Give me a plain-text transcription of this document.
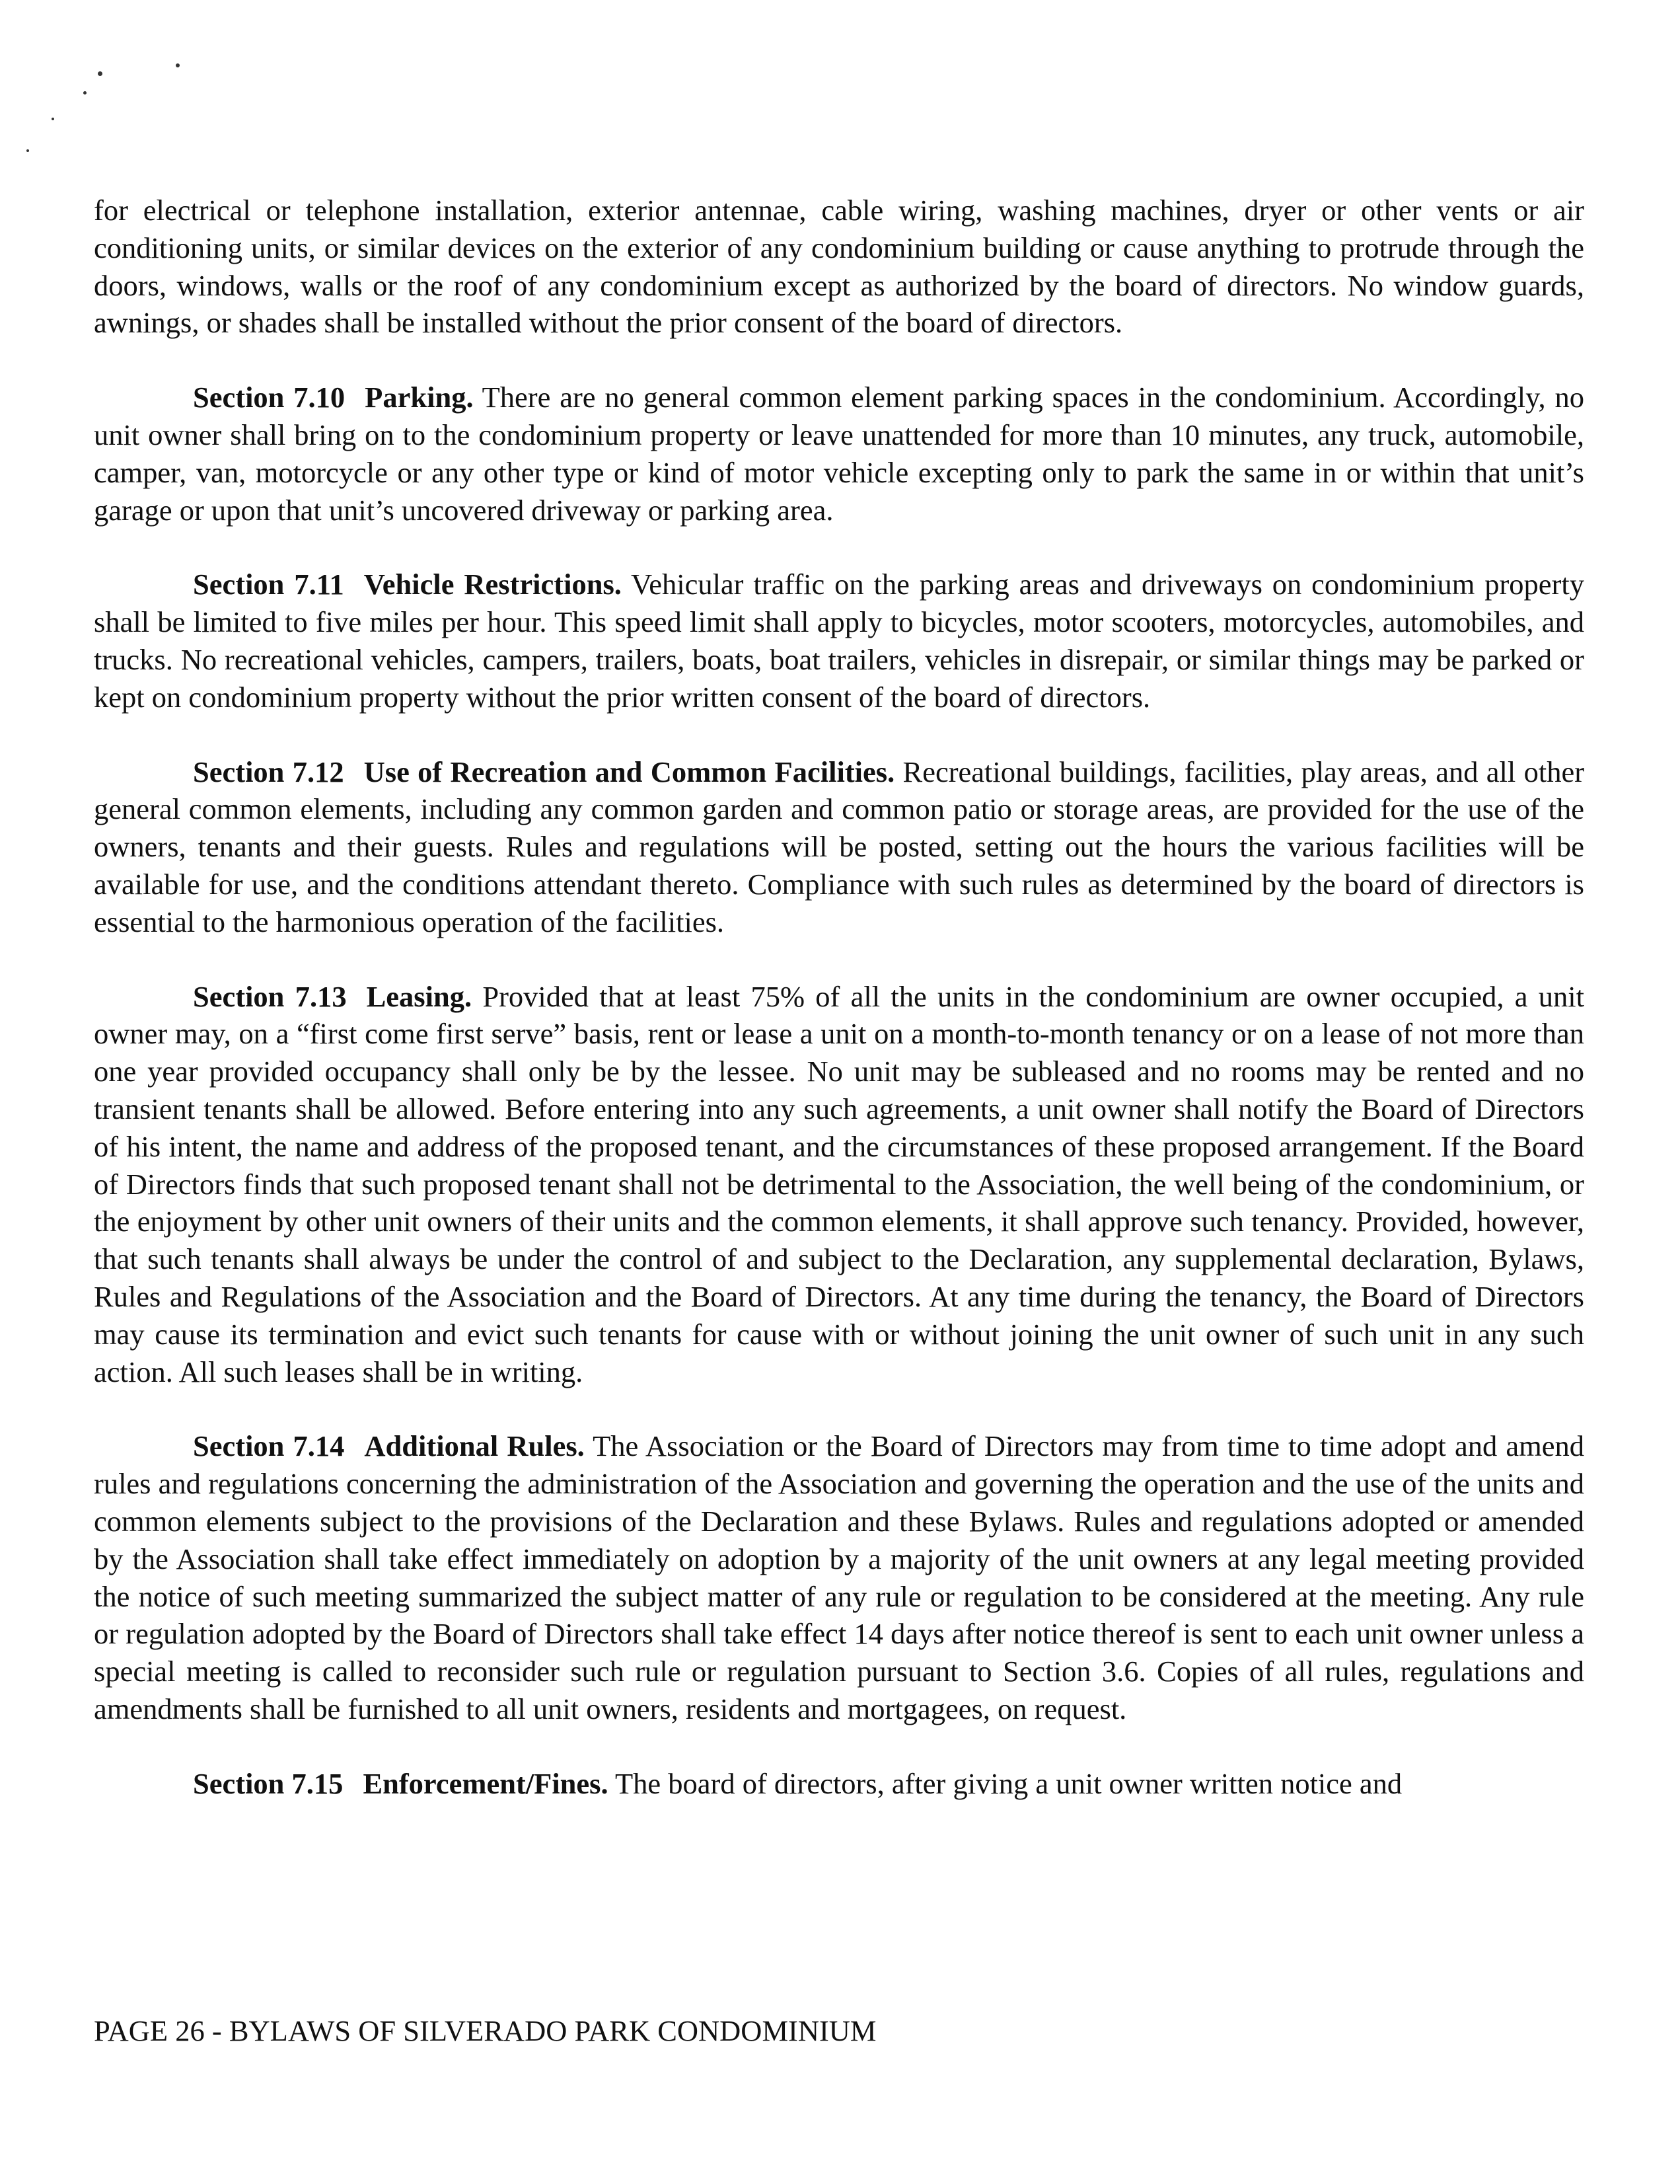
for electrical or telephone installation, exterior antennae, cable wiring, washing machines, dryer or other vents or air conditioning units, or similar devices on the exterior of any condominium building or cause anything to protrude through the doors, windows, walls or the roof of any condominium except as authorized by the board of directors. No window guards, awnings, or shades shall be installed without the prior consent of the board of directors.

Section 7.10 Parking. There are no general common element parking spaces in the condominium. Accordingly, no unit owner shall bring on to the condominium property or leave unattended for more than 10 minutes, any truck, automobile, camper, van, motorcycle or any other type or kind of motor vehicle excepting only to park the same in or within that unit’s garage or upon that unit’s uncovered driveway or parking area.

Section 7.11 Vehicle Restrictions. Vehicular traffic on the parking areas and driveways on condominium property shall be limited to five miles per hour. This speed limit shall apply to bicycles, motor scooters, motorcycles, automobiles, and trucks. No recreational vehicles, campers, trailers, boats, boat trailers, vehicles in disrepair, or similar things may be parked or kept on condominium property without the prior written consent of the board of directors.

Section 7.12 Use of Recreation and Common Facilities. Recreational buildings, facilities, play areas, and all other general common elements, including any common garden and common patio or storage areas, are provided for the use of the owners, tenants and their guests. Rules and regulations will be posted, setting out the hours the various facilities will be available for use, and the conditions attendant thereto. Compliance with such rules as determined by the board of directors is essential to the harmonious operation of the facilities.

Section 7.13 Leasing. Provided that at least 75% of all the units in the condominium are owner occupied, a unit owner may, on a “first come first serve” basis, rent or lease a unit on a month-to-month tenancy or on a lease of not more than one year provided occupancy shall only be by the lessee. No unit may be subleased and no rooms may be rented and no transient tenants shall be allowed. Before entering into any such agreements, a unit owner shall notify the Board of Directors of his intent, the name and address of the proposed tenant, and the circumstances of these proposed arrangement. If the Board of Directors finds that such proposed tenant shall not be detrimental to the Association, the well being of the condominium, or the enjoyment by other unit owners of their units and the common elements, it shall approve such tenancy. Provided, however, that such tenants shall always be under the control of and subject to the Declaration, any supplemental declaration, Bylaws, Rules and Regulations of the Association and the Board of Directors. At any time during the tenancy, the Board of Directors may cause its termination and evict such tenants for cause with or without joining the unit owner of such unit in any such action. All such leases shall be in writing.

Section 7.14 Additional Rules. The Association or the Board of Directors may from time to time adopt and amend rules and regulations concerning the administration of the Association and governing the operation and the use of the units and common elements subject to the provisions of the Declaration and these Bylaws. Rules and regulations adopted or amended by the Association shall take effect immediately on adoption by a majority of the unit owners at any legal meeting provided the notice of such meeting summarized the subject matter of any rule or regulation to be considered at the meeting. Any rule or regulation adopted by the Board of Directors shall take effect 14 days after notice thereof is sent to each unit owner unless a special meeting is called to reconsider such rule or regulation pursuant to Section 3.6. Copies of all rules, regulations and amendments shall be furnished to all unit owners, residents and mortgagees, on request.

Section 7.15 Enforcement/Fines. The board of directors, after giving a unit owner written notice and

PAGE 26 - BYLAWS OF SILVERADO PARK CONDOMINIUM
